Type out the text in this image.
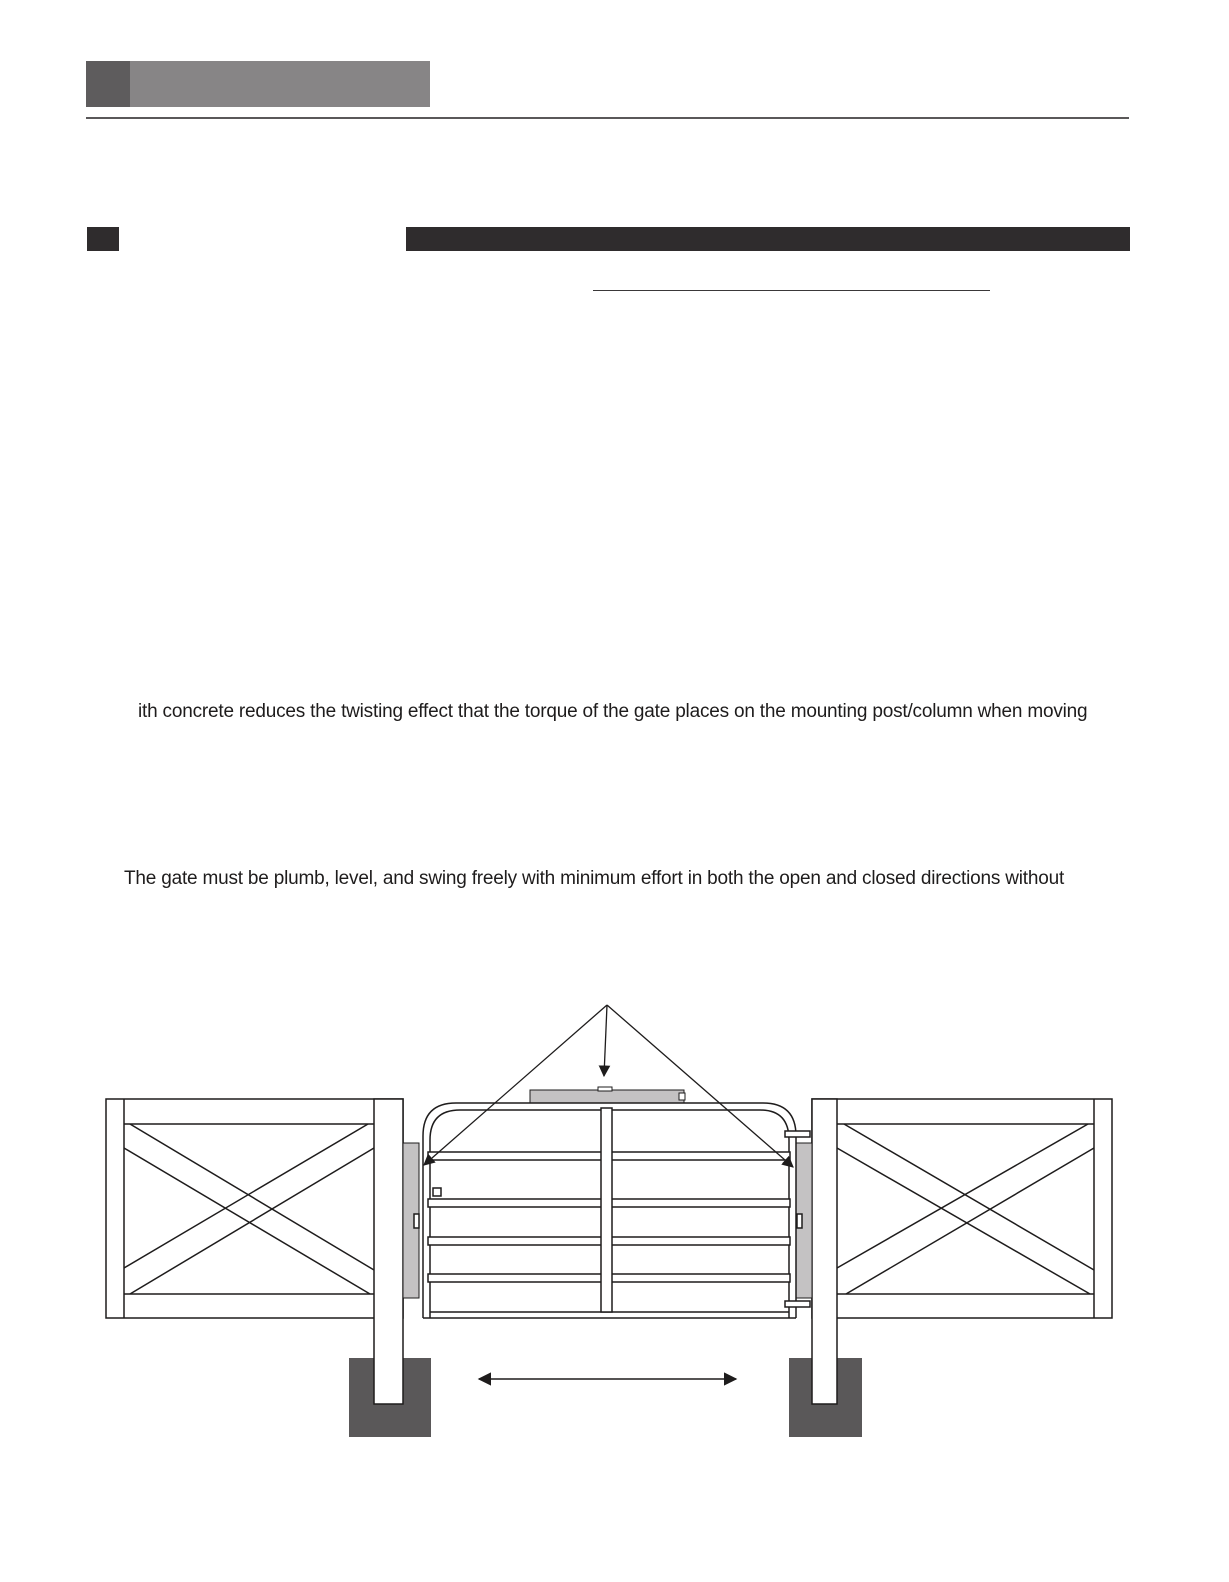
ith concrete reduces the twisting effect that the torque of the gate places on the mounting post/column when moving
The gate must be plumb, level, and swing freely with minimum effort in both the open and closed directions without
